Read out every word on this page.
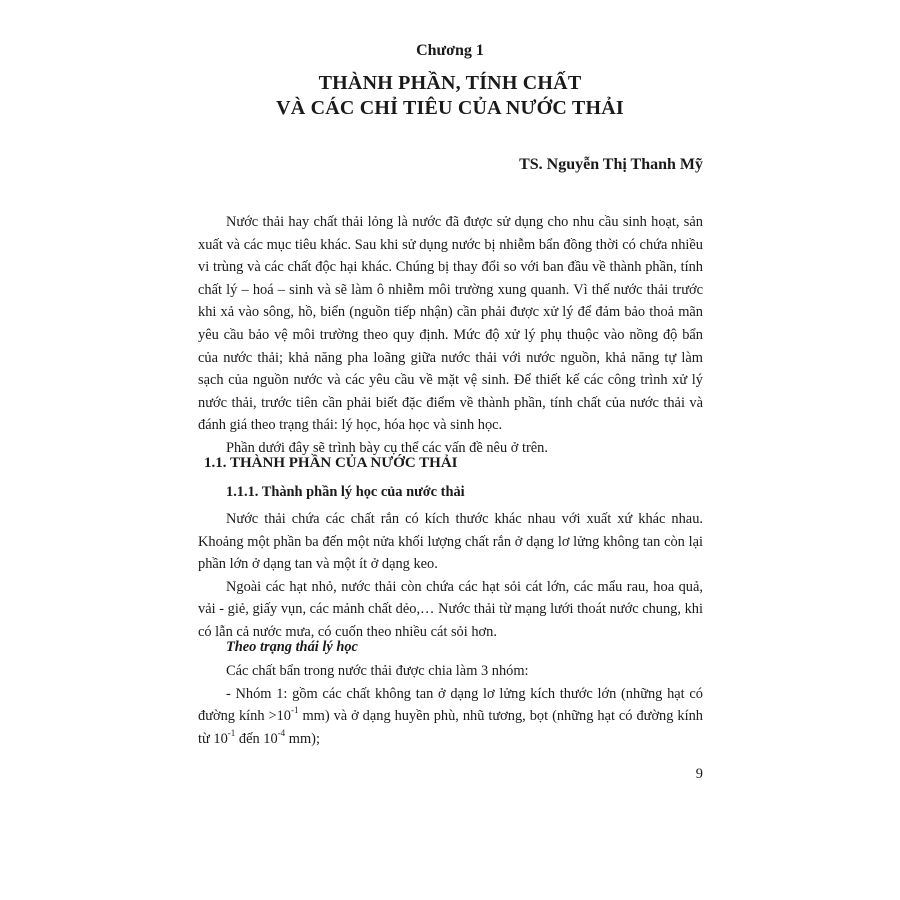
Chương 1
THÀNH PHẦN, TÍNH CHẤT
VÀ CÁC CHỈ TIÊU CỦA NƯỚC THẢI
TS. Nguyễn Thị Thanh Mỹ

Nước thải hay chất thải lỏng là nước đã được sử dụng cho nhu cầu sinh hoạt, sản xuất và các mục tiêu khác. Sau khi sử dụng nước bị nhiễm bẩn đồng thời có chứa nhiều vi trùng và các chất độc hại khác. Chúng bị thay đổi so với ban đầu về thành phần, tính chất lý – hoá – sinh và sẽ làm ô nhiễm môi trường xung quanh. Vì thế nước thải trước khi xả vào sông, hồ, biển (nguồn tiếp nhận) cần phải được xử lý để đảm bảo thoả mãn yêu cầu bảo vệ môi trường theo quy định. Mức độ xử lý phụ thuộc vào nồng độ bẩn của nước thải; khả năng pha loãng giữa nước thải với nước nguồn, khả năng tự làm sạch của nguồn nước và các yêu cầu về mặt vệ sinh. Để thiết kế các công trình xử lý nước thải, trước tiên cần phải biết đặc điểm về thành phần, tính chất của nước thải và đánh giá theo trạng thái: lý học, hóa học và sinh học.

Phần dưới đây sẽ trình bày cụ thể các vấn đề nêu ở trên.

1.1. THÀNH PHẦN CỦA NƯỚC THẢI
1.1.1. Thành phần lý học của nước thải

Nước thải chứa các chất rắn có kích thước khác nhau với xuất xứ khác nhau. Khoảng một phần ba đến một nửa khối lượng chất rắn ở dạng lơ lửng không tan còn lại phần lớn ở dạng tan và một ít ở dạng keo.

Ngoài các hạt nhỏ, nước thải còn chứa các hạt sỏi cát lớn, các mẩu rau, hoa quả, vải - giẻ, giấy vụn, các mảnh chất dẻo,… Nước thải từ mạng lưới thoát nước chung, khi có lẫn cả nước mưa, có cuốn theo nhiều cát sỏi hơn.

Theo trạng thái lý học

Các chất bẩn trong nước thải được chia làm 3 nhóm:

- Nhóm 1: gồm các chất không tan ở dạng lơ lửng kích thước lớn (những hạt có đường kính $>10^{-1}$ mm) và ở dạng huyền phù, nhũ tương, bọt (những hạt có đường kính từ $10^{-1}$ đến $10^{-4}$ mm);

9
